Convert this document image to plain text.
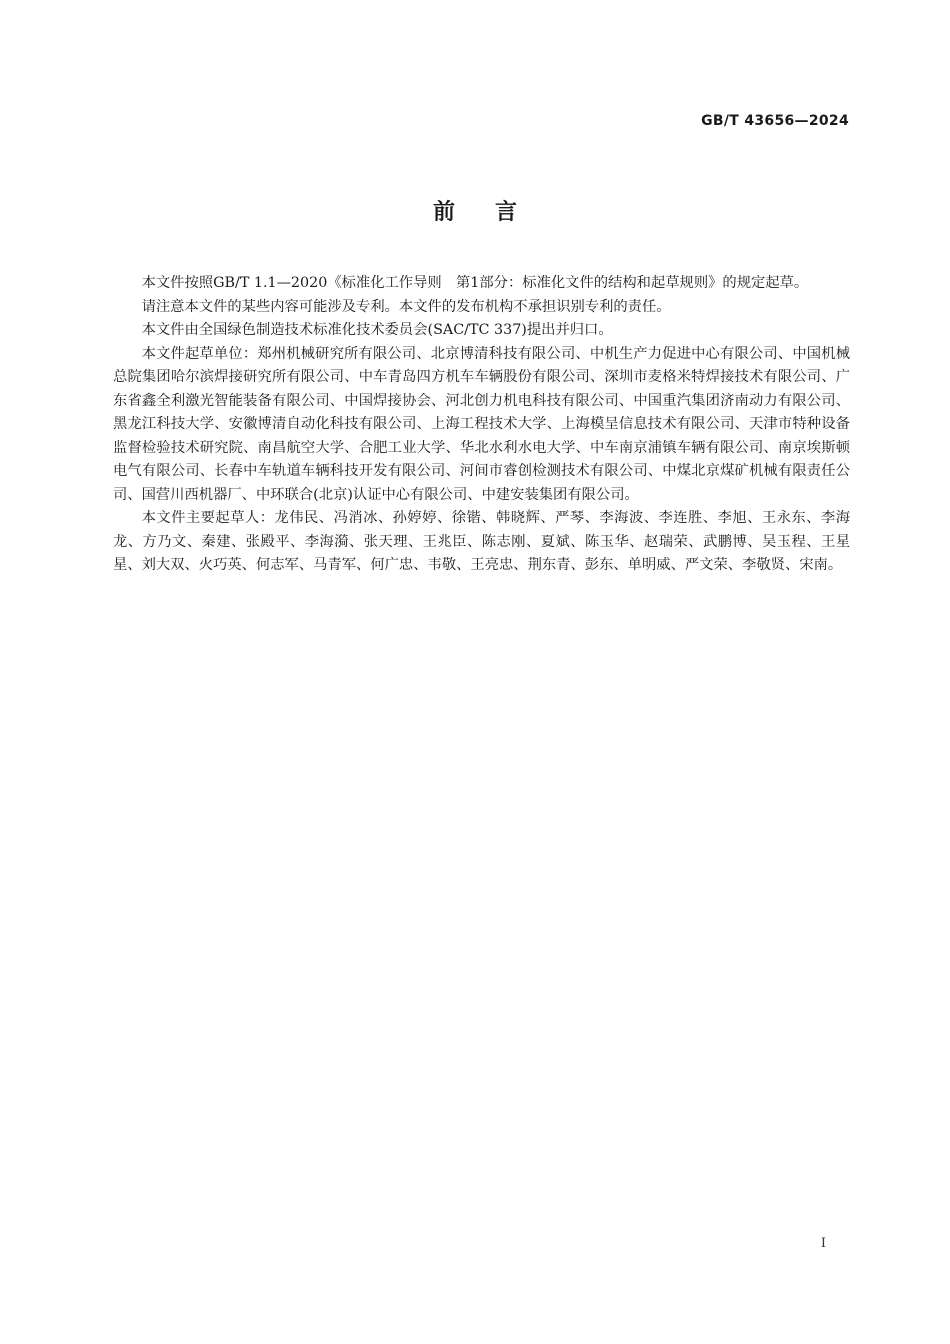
GB/T 43656—2024
前言

本文件按照GB/T 1.1—2020《标准化工作导则　第1部分：标准化文件的结构和起草规则》的规定起草。

请注意本文件的某些内容可能涉及专利。本文件的发布机构不承担识别专利的责任。

本文件由全国绿色制造技术标准化技术委员会(SAC/TC 337)提出并归口。

本文件起草单位：郑州机械研究所有限公司、北京博清科技有限公司、中机生产力促进中心有限公司、中国机械总院集团哈尔滨焊接研究所有限公司、中车青岛四方机车车辆股份有限公司、深圳市麦格米特焊接技术有限公司、广东省鑫全利激光智能装备有限公司、中国焊接协会、河北创力机电科技有限公司、中国重汽集团济南动力有限公司、黑龙江科技大学、安徽博清自动化科技有限公司、上海工程技术大学、上海模呈信息技术有限公司、天津市特种设备监督检验技术研究院、南昌航空大学、合肥工业大学、华北水利水电大学、中车南京浦镇车辆有限公司、南京埃斯顿电气有限公司、长春中车轨道车辆科技开发有限公司、河间市睿创检测技术有限公司、中煤北京煤矿机械有限责任公司、国营川西机器厂、中环联合(北京)认证中心有限公司、中建安装集团有限公司。

本文件主要起草人：龙伟民、冯消冰、孙婷婷、徐锴、韩晓辉、严琴、李海波、李连胜、李旭、王永东、李海龙、方乃文、秦建、张殿平、李海漪、张天理、王兆臣、陈志刚、夏斌、陈玉华、赵瑞荣、武鹏博、吴玉程、王星星、刘大双、火巧英、何志军、马青军、何广忠、韦敬、王亮忠、荆东青、彭东、单明威、严文荣、李敬贤、宋南。

I
